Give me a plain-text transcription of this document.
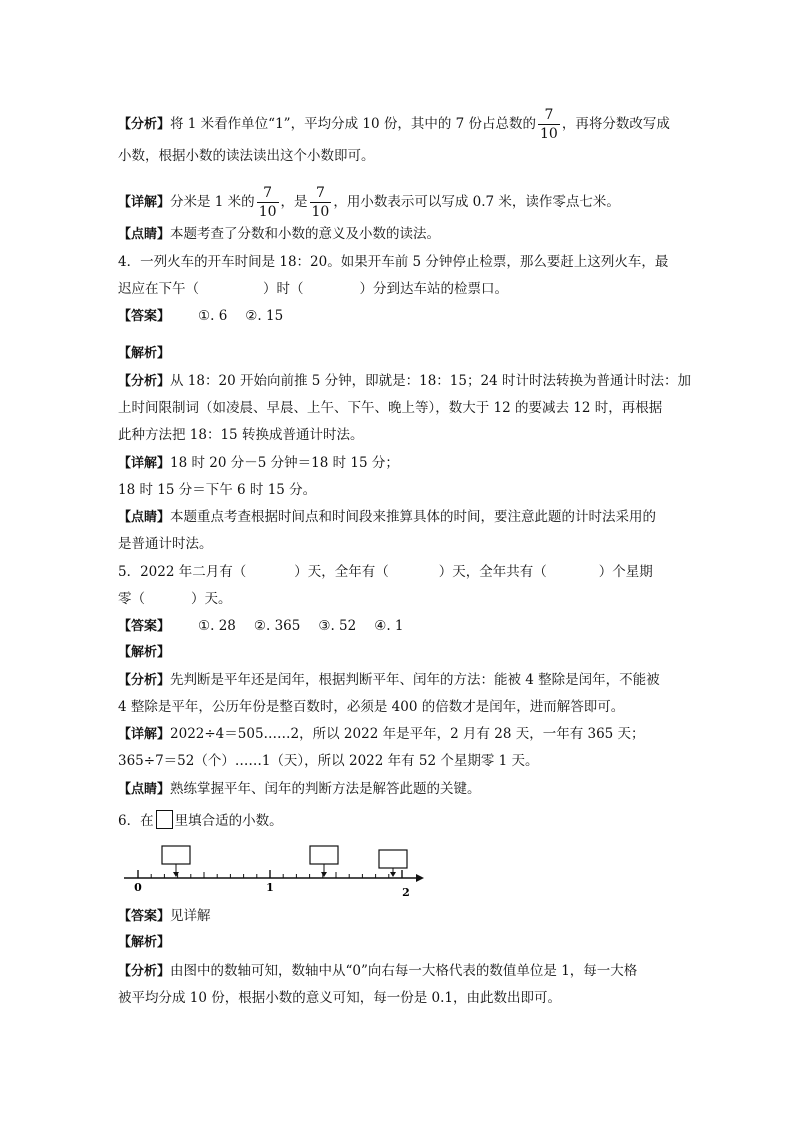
【分析】将 1 米看作单位“1”，平均分成 10 份，其中的 7 份占总数的 $\frac{7}{10}$ ，再将分数改写成
小数，根据小数的读法读出这个小数即可。
【详解】分米是 1 米的 $\frac{7}{10}$ ，是 $\frac{7}{10}$ ，用小数表示可以写成 0.7 米，读作零点七米。
【点睛】本题考查了分数和小数的意义及小数的读法。
4．一列火车的开车时间是 18：20。如果开车前 5 分钟停止检票，那么要赶上这列火车，最
迟应在下午（	）时（	）分到达车站的检票口。
【答案】 ①. 6 ②. 15
【解析】
【分析】从 18：20 开始向前推 5 分钟，即就是：18：15；24 时计时法转换为普通计时法：加
上时间限制词（如凌晨、早晨、上午、下午、晚上等），数大于 12 的要减去 12 时，再根据
此种方法把 18：15 转换成普通计时法。
【详解】18 时 20 分－5 分钟＝18 时 15 分；
18 时 15 分＝下午 6 时 15 分。
【点睛】本题重点考查根据时间点和时间段来推算具体的时间，要注意此题的计时法采用的
是普通计时法。
5．2022 年二月有（	）天，全年有（	）天，全年共有（	）个星期
零（	）天。
【答案】 ①. 28 ②. 365 ③. 52 ④. 1
【解析】
【分析】先判断是平年还是闰年，根据判断平年、闰年的方法：能被 4 整除是闰年，不能被
4 整除是平年，公历年份是整百数时，必须是 400 的倍数才是闰年，进而解答即可。
【详解】2022÷4＝505……2，所以 2022 年是平年，2 月有 28 天，一年有 365 天；
365÷7＝52（个）……1（天），所以 2022 年有 52 个星期零 1 天。
【点睛】熟练掌握平年、闰年的判断方法是解答此题的关键。
6．在 里填合适的小数。
0	1	2
【答案】见详解
【解析】
【分析】由图中的数轴可知，数轴中从“0”向右每一大格代表的数值单位是 1，每一大格
被平均分成 10 份，根据小数的意义可知，每一份是 0.1，由此数出即可。
